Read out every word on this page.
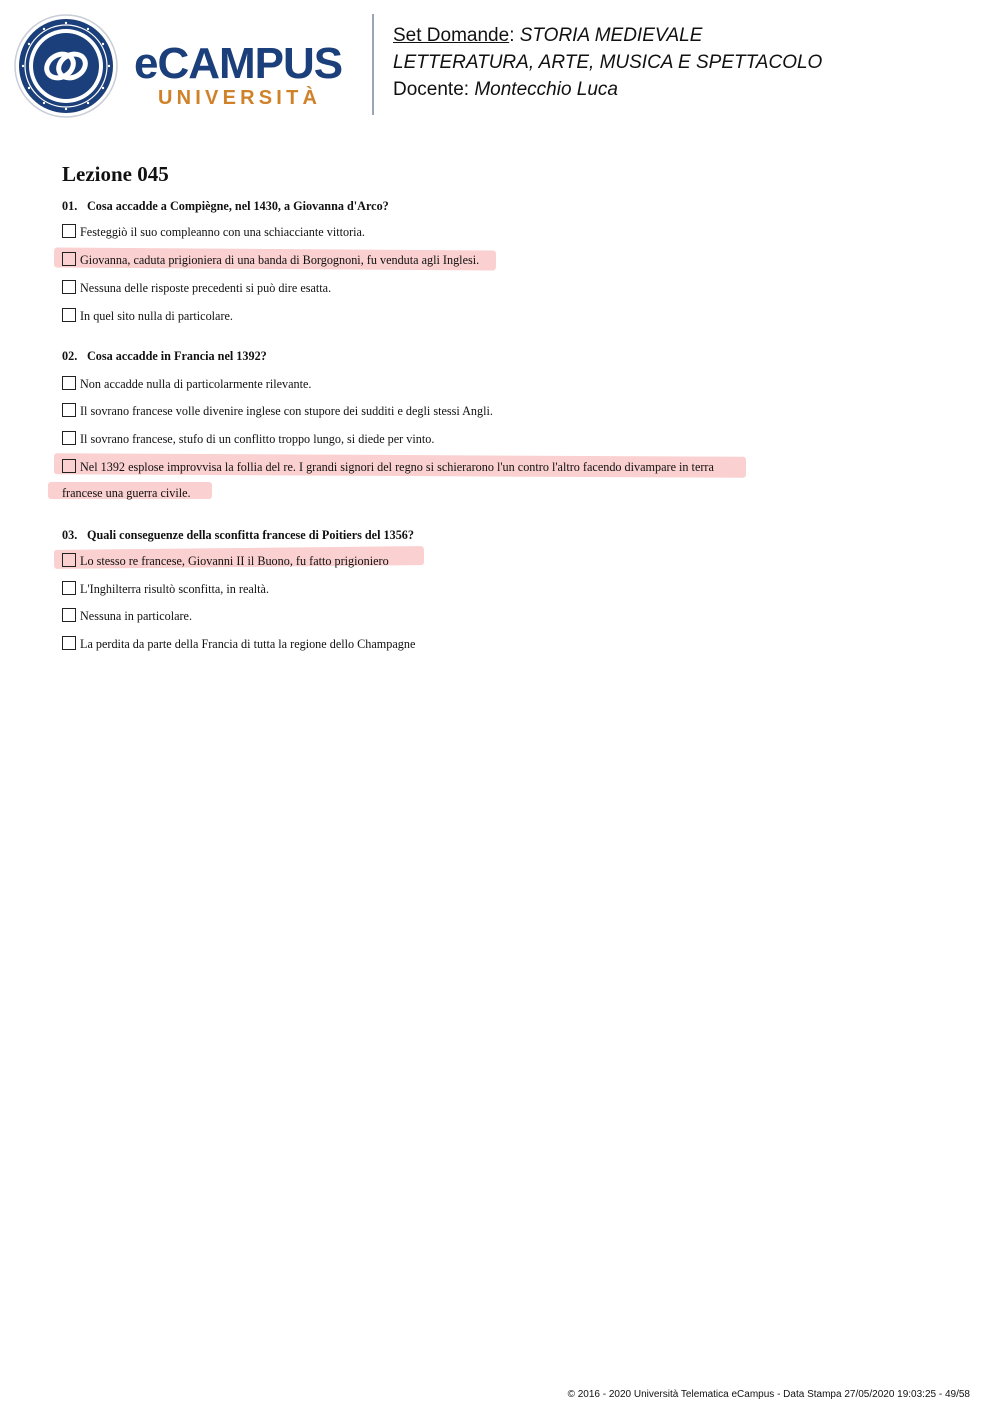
eCAMPUS
UNIVERSITÀ
Set Domande: STORIA MEDIEVALE
LETTERATURA, ARTE, MUSICA E SPETTACOLO
Docente: Montecchio Luca
Lezione 045
01. Cosa accadde a Compiègne, nel 1430, a Giovanna d'Arco?
Festeggiò il suo compleanno con una schiacciante vittoria.
Giovanna, caduta prigioniera di una banda di Borgognoni, fu venduta agli Inglesi.
Nessuna delle risposte precedenti si può dire esatta.
In quel sito nulla di particolare.
02. Cosa accadde in Francia nel 1392?
Non accadde nulla di particolarmente rilevante.
Il sovrano francese volle divenire inglese con stupore dei sudditi e degli stessi Angli.
Il sovrano francese, stufo di un conflitto troppo lungo, si diede per vinto.
Nel 1392 esplose improvvisa la follia del re. I grandi signori del regno si schierarono l'un contro l'altro facendo divampare in terra
francese una guerra civile.
03. Quali conseguenze della sconfitta francese di Poitiers del 1356?
Lo stesso re francese, Giovanni II il Buono, fu fatto prigioniero
L'Inghilterra risultò sconfitta, in realtà.
Nessuna in particolare.
La perdita da parte della Francia di tutta la regione dello Champagne
© 2016 - 2020 Università Telematica eCampus - Data Stampa 27/05/2020 19:03:25 - 49/58
